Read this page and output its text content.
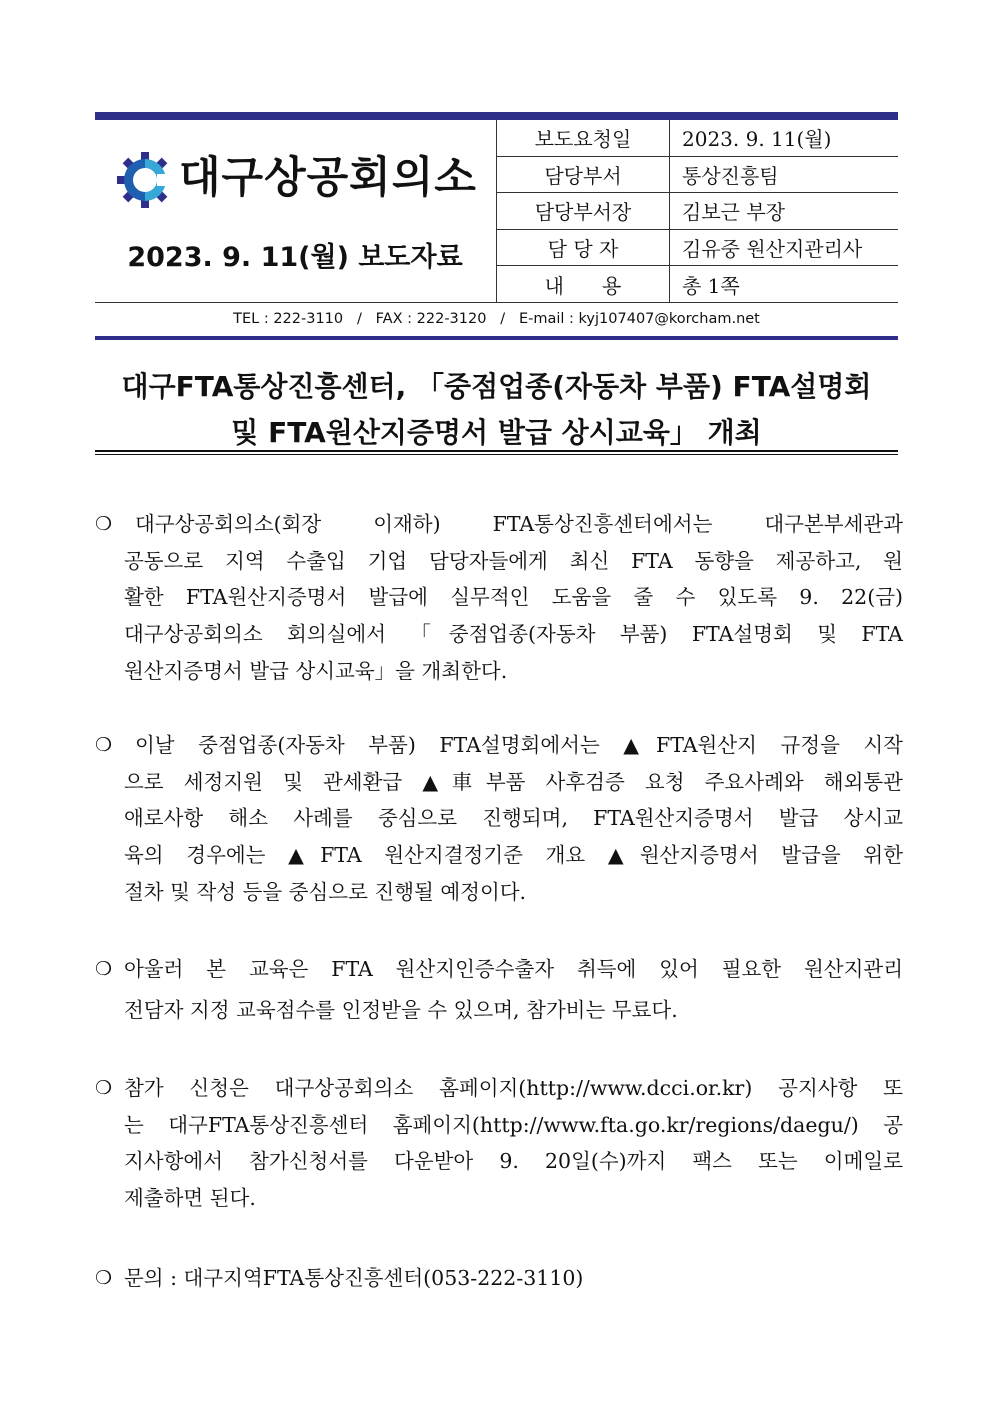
대구상공회의소
2023. 9. 11(월) 보도자료
보도요청일	2023. 9. 11(월)
담당부서	통상진흥팀
담당부서장	김보근 부장
담 당 자	김유중 원산지관리사
내      용	총 1쪽
TEL : 222-3110   /   FAX : 222-3120   /   E-mail : kyj107407@korcham.net
대구FTA통상진흥센터, 「중점업종(자동차 부품) FTA설명회
및 FTA원산지증명서 발급 상시교육」 개최
❍	대구상공회의소(회장 이재하) FTA통상진흥센터에서는 대구본부세관과
공동으로 지역 수출입 기업 담당자들에게 최신 FTA 동향을 제공하고, 원
활한 FTA원산지증명서 발급에 실무적인 도움을 줄 수 있도록 9. 22(금)
대구상공회의소 회의실에서 「중점업종(자동차 부품) FTA설명회 및 FTA
원산지증명서 발급 상시교육」을 개최한다.
❍	이날 중점업종(자동차 부품) FTA설명회에서는 ▲FTA원산지 규정을 시작
으로 세정지원 및 관세환급 ▲車부품 사후검증 요청 주요사례와 해외통관
애로사항 해소 사례를 중심으로 진행되며, FTA원산지증명서 발급 상시교
육의 경우에는 ▲FTA 원산지결정기준 개요 ▲원산지증명서 발급을 위한
절차 및 작성 등을 중심으로 진행될 예정이다.
❍ 아울러 본 교육은 FTA 원산지인증수출자 취득에 있어 필요한 원산지관리
전담자 지정 교육점수를 인정받을 수 있으며, 참가비는 무료다.
❍ 참가 신청은 대구상공회의소 홈페이지(http://www.dcci.or.kr) 공지사항 또
는 대구FTA통상진흥센터 홈페이지(http://www.fta.go.kr/regions/daegu/) 공
지사항에서 참가신청서를 다운받아 9. 20일(수)까지 팩스 또는 이메일로
제출하면 된다.
❍ 문의 : 대구지역FTA통상진흥센터(053-222-3110)
